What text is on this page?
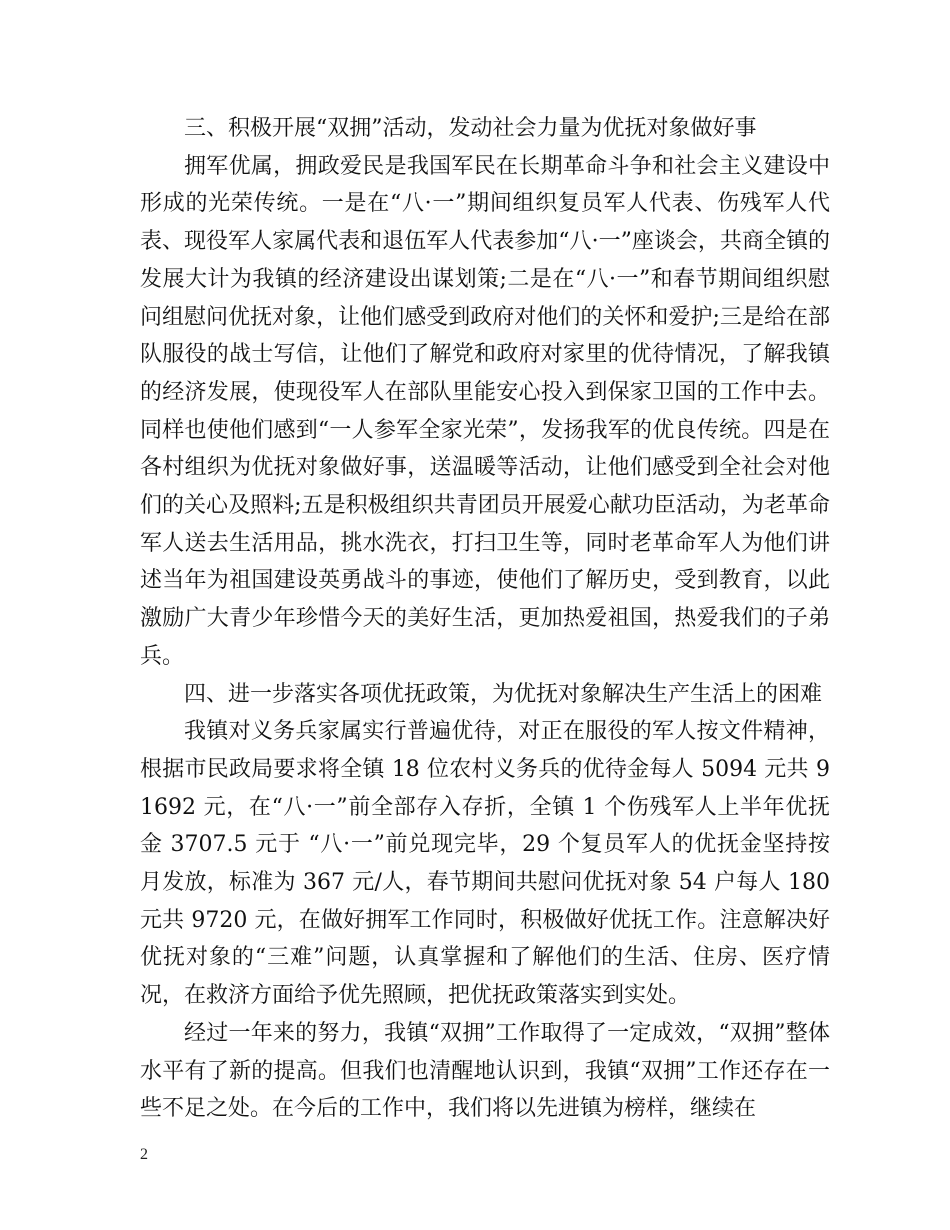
三、积极开展“双拥”活动，发动社会力量为优抚对象做好事

拥军优属，拥政爱民是我国军民在长期革命斗争和社会主义建设中形成的光荣传统。一是在“八·一”期间组织复员军人代表、伤残军人代表、现役军人家属代表和退伍军人代表参加“八·一”座谈会，共商全镇的发展大计为我镇的经济建设出谋划策;二是在“八·一”和春节期间组织慰问组慰问优抚对象，让他们感受到政府对他们的关怀和爱护;三是给在部队服役的战士写信，让他们了解党和政府对家里的优待情况，了解我镇的经济发展，使现役军人在部队里能安心投入到保家卫国的工作中去。同样也使他们感到“一人参军全家光荣”，发扬我军的优良传统。四是在各村组织为优抚对象做好事，送温暖等活动，让他们感受到全社会对他们的关心及照料;五是积极组织共青团员开展爱心献功臣活动，为老革命军人送去生活用品，挑水洗衣，打扫卫生等，同时老革命军人为他们讲述当年为祖国建设英勇战斗的事迹，使他们了解历史，受到教育，以此激励广大青少年珍惜今天的美好生活，更加热爱祖国，热爱我们的子弟兵。

四、进一步落实各项优抚政策，为优抚对象解决生产生活上的困难

我镇对义务兵家属实行普遍优待，对正在服役的军人按文件精神，根据市民政局要求将全镇 18 位农村义务兵的优待金每人 5094 元共 91692 元，在“八·一”前全部存入存折，全镇 1 个伤残军人上半年优抚金 3707.5 元于 “八·一”前兑现完毕，29 个复员军人的优抚金坚持按月发放，标准为 367 元/人，春节期间共慰问优抚对象 54 户每人 180 元共 9720 元，在做好拥军工作同时，积极做好优抚工作。注意解决好优抚对象的“三难”问题，认真掌握和了解他们的生活、住房、医疗情况，在救济方面给予优先照顾，把优抚政策落实到实处。

经过一年来的努力，我镇“双拥”工作取得了一定成效，“双拥”整体水平有了新的提高。但我们也清醒地认识到，我镇“双拥”工作还存在一些不足之处。在今后的工作中，我们将以先进镇为榜样，继续在

2
